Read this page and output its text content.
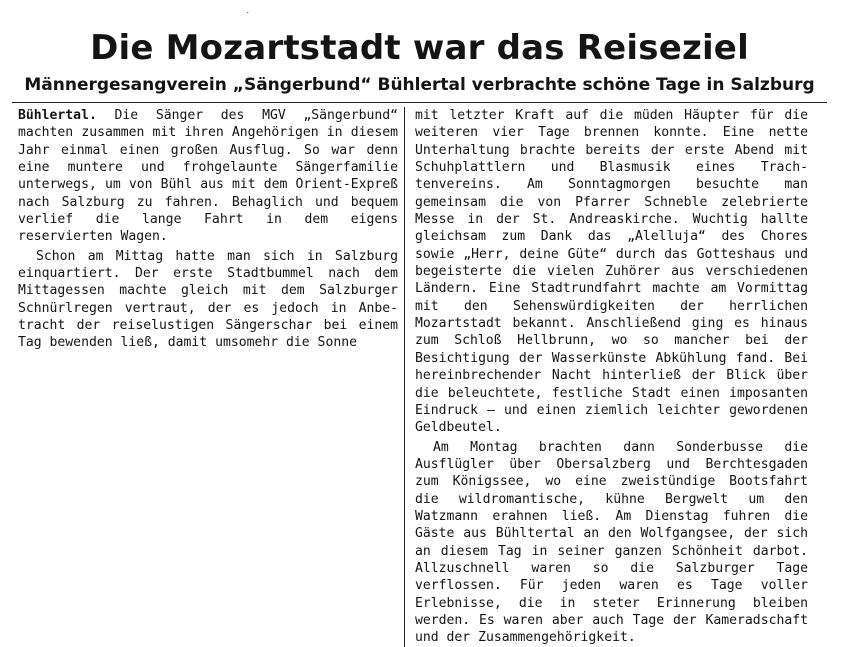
⋅
Die Mozartstadt war das Reiseziel
Männergesangverein „Sängerbund“ Bühlertal verbrachte schöne Tage in Salzburg

Bühlertal. Die Sänger des MGV „Sängerbund“ machten zusammen mit ihren Angehörigen in diesem Jahr einmal einen großen Ausflug. So war denn eine muntere und frohgelaunte Sängerfamilie unterwegs, um von Bühl aus mit dem Orient-Expreß nach Salzburg zu fahren. Behaglich und bequem verlief die lange Fahrt in dem eigens reservierten Wagen.

Schon am Mittag hatte man sich in Salzburg einquartiert. Der erste Stadtbummel nach dem Mittagessen machte gleich mit dem Salzburger Schnürlregen vertraut, der es jedoch in Anbetracht der reiselustigen Sängerschar bei einem Tag bewenden ließ, damit umsomehr die Sonne

mit letzter Kraft auf die müden Häupter für die weiteren vier Tage brennen konnte. Eine nette Unterhaltung brachte bereits der erste Abend mit Schuhplattlern und Blasmusik eines Trachtenvereins. Am Sonntagmorgen besuchte man gemeinsam die von Pfarrer Schneble zelebrierte Messe in der St. Andreaskirche. Wuchtig hallte gleichsam zum Dank das „Alelluja“ des Chores sowie „Herr, deine Güte“ durch das Gotteshaus und begeisterte die vielen Zuhörer aus verschiedenen Ländern. Eine Stadtrundfahrt machte am Vormittag mit den Sehenswürdigkeiten der herrlichen Mozartstadt bekannt. Anschließend ging es hinaus zum Schloß Hellbrunn, wo so mancher bei der Besichtigung der Wasserkünste Abkühlung fand. Bei hereinbrechender Nacht hinterließ der Blick über die beleuchtete, festliche Stadt einen imposanten Eindruck — und einen ziemlich leichter gewordenen Geldbeutel.

Am Montag brachten dann Sonderbusse die Ausflügler über Obersalzberg und Berchtesgaden zum Königssee, wo eine zweistündige Bootsfahrt die wildromantische, kühne Bergwelt um den Watzmann erahnen ließ. Am Dienstag fuhren die Gäste aus Bühltertal an den Wolfgangsee, der sich an diesem Tag in seiner ganzen Schönheit darbot. Allzuschnell waren so die Salzburger Tage verflossen. Für jeden waren es Tage voller Erlebnisse, die in steter Erinnerung bleiben werden. Es waren aber auch Tage der Kameradschaft und der Zusammengehörigkeit.
